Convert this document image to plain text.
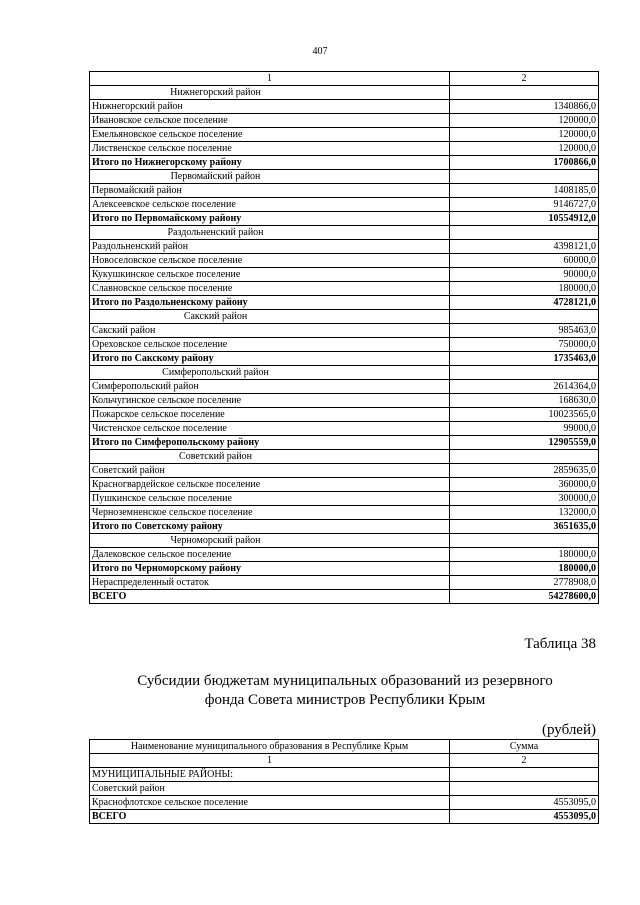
407
1	2
Нижнегорский район	
Нижнегорский район	1340866,0
Ивановское сельское поселение	120000,0
Емельяновское сельское поселение	120000,0
Лиственское сельское поселение	120000,0
Итого по Нижнегорскому району	1700866,0
Первомайский район	
Первомайский район	1408185,0
Алексеевское сельское поселение	9146727,0
Итого по Первомайскому району	10554912,0
Раздольненский район	
Раздольненский район	4398121,0
Новоселовское сельское поселение	60000,0
Кукушкинское сельское поселение	90000,0
Славновское сельское поселение	180000,0
Итого по Раздольненскому району	4728121,0
Сакский район	
Сакский район	985463,0
Ореховское сельское поселение	750000,0
Итого по Сакскому району	1735463,0
Симферопольский район	
Симферопольский район	2614364,0
Кольчугинское сельское поселение	168630,0
Пожарское сельское поселение	10023565,0
Чистенское сельское поселение	99000,0
Итого по Симферопольскому району	12905559,0
Советский район	
Советский район	2859635,0
Красногвардейское сельское поселение	360000,0
Пушкинское сельское поселение	300000,0
Черноземненское сельское поселение	132000,0
Итого по Советскому району	3651635,0
Черноморский район	
Далековское сельское поселение	180000,0
Итого по Черноморскому району	180000,0
Нераспределенный остаток	2778908,0
ВСЕГО	54278600,0
Таблица 38
Субсидии бюджетам муниципальных образований из резервного
фонда Совета министров Республики Крым
(рублей)
Наименование муниципального образования в Республике Крым	Сумма
1	2
МУНИЦИПАЛЬНЫЕ РАЙОНЫ:	
Советский район	
Краснофлотское сельское поселение	4553095,0
ВСЕГО	4553095,0
